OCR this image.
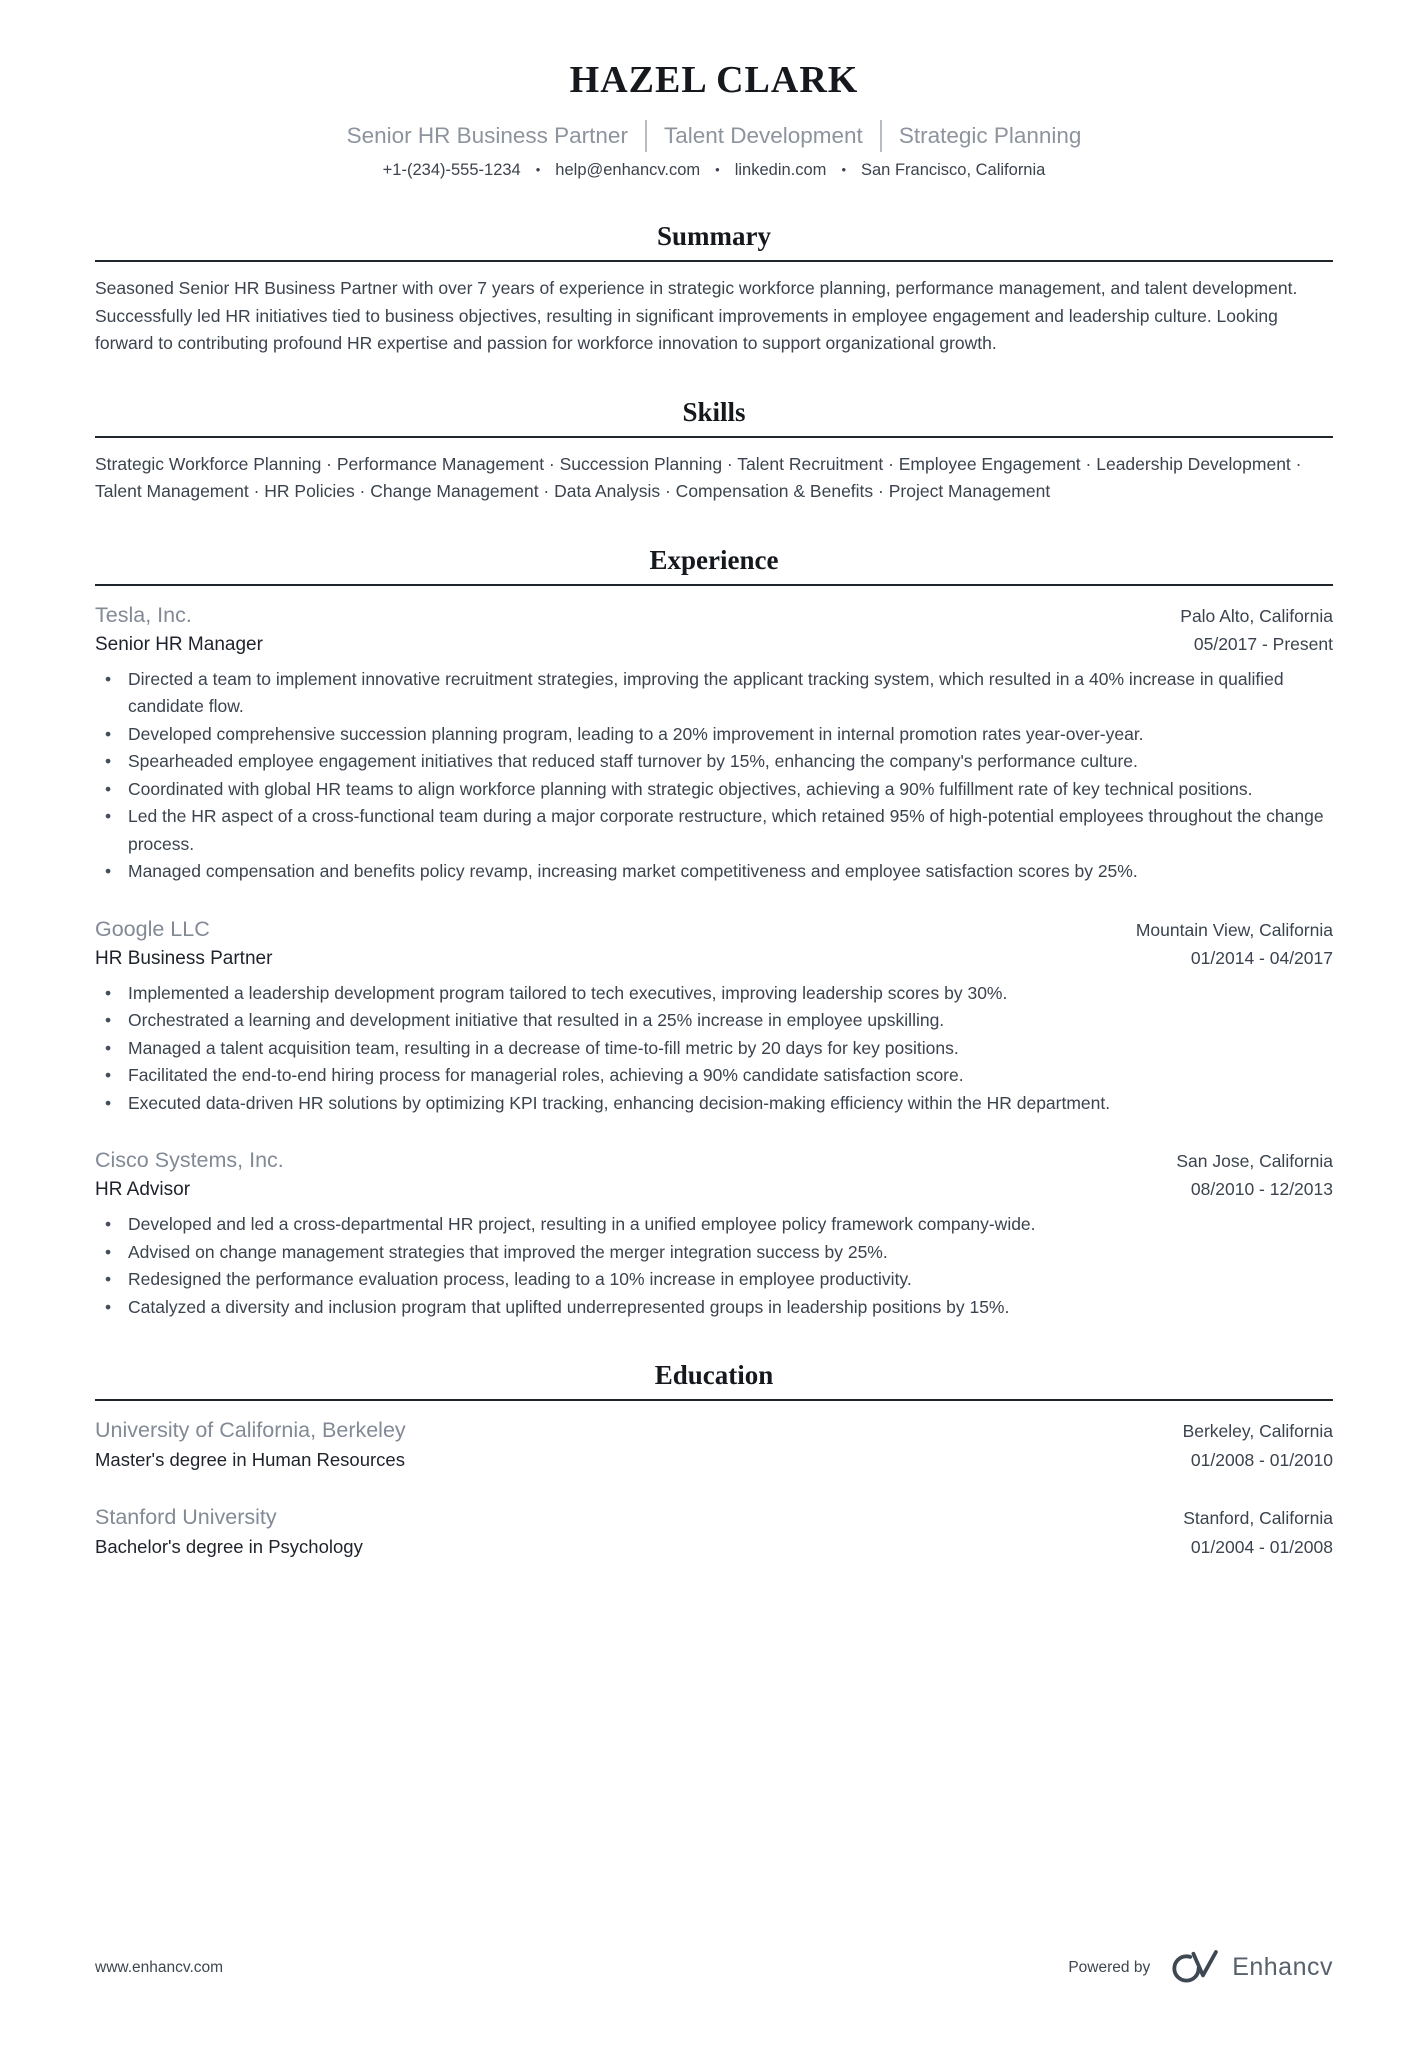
HAZEL CLARK
Senior HR Business Partner Talent Development Strategic Planning
+1-(234)-555-1234 • help@enhancv.com • linkedin.com • San Francisco, California
Summary

Seasoned Senior HR Business Partner with over 7 years of experience in strategic workforce planning, performance management, and talent development. Successfully led HR initiatives tied to business objectives, resulting in significant improvements in employee engagement and leadership culture. Looking forward to contributing profound HR expertise and passion for workforce innovation to support organizational growth.

Skills

Strategic Workforce Planning · Performance Management · Succession Planning · Talent Recruitment · Employee Engagement · Leadership Development · Talent Management · HR Policies · Change Management · Data Analysis · Compensation & Benefits · Project Management

Experience
Tesla, Inc.	Palo Alto, California
Senior HR Manager	05/2017 - Present
• Directed a team to implement innovative recruitment strategies, improving the applicant tracking system, which resulted in a 40% increase in qualified candidate flow.
• Developed comprehensive succession planning program, leading to a 20% improvement in internal promotion rates year-over-year.
• Spearheaded employee engagement initiatives that reduced staff turnover by 15%, enhancing the company's performance culture.
• Coordinated with global HR teams to align workforce planning with strategic objectives, achieving a 90% fulfillment rate of key technical positions.
• Led the HR aspect of a cross-functional team during a major corporate restructure, which retained 95% of high-potential employees throughout the change process.
• Managed compensation and benefits policy revamp, increasing market competitiveness and employee satisfaction scores by 25%.
Google LLC	Mountain View, California
HR Business Partner	01/2014 - 04/2017
• Implemented a leadership development program tailored to tech executives, improving leadership scores by 30%.
• Orchestrated a learning and development initiative that resulted in a 25% increase in employee upskilling.
• Managed a talent acquisition team, resulting in a decrease of time-to-fill metric by 20 days for key positions.
• Facilitated the end-to-end hiring process for managerial roles, achieving a 90% candidate satisfaction score.
• Executed data-driven HR solutions by optimizing KPI tracking, enhancing decision-making efficiency within the HR department.
Cisco Systems, Inc.	San Jose, California
HR Advisor	08/2010 - 12/2013
• Developed and led a cross-departmental HR project, resulting in a unified employee policy framework company-wide.
• Advised on change management strategies that improved the merger integration success by 25%.
• Redesigned the performance evaluation process, leading to a 10% increase in employee productivity.
• Catalyzed a diversity and inclusion program that uplifted underrepresented groups in leadership positions by 15%.
Education
University of California, Berkeley	Berkeley, California
Master's degree in Human Resources	01/2008 - 01/2010
Stanford University	Stanford, California
Bachelor's degree in Psychology	01/2004 - 01/2008
www.enhancv.com	Powered by	Enhancv
